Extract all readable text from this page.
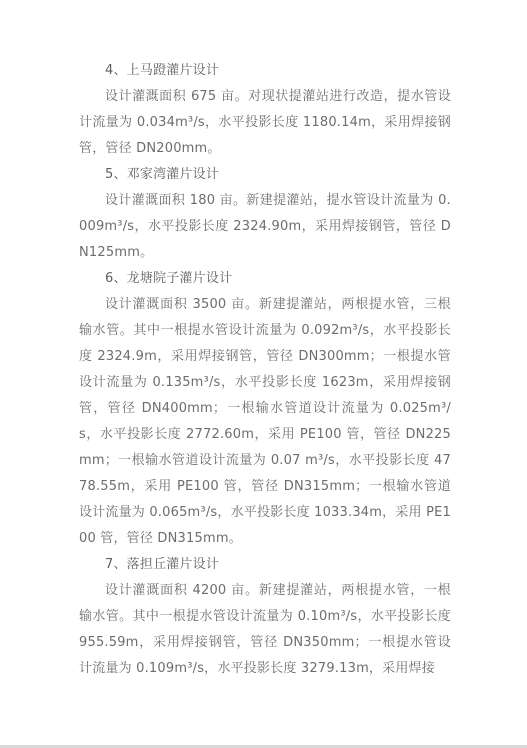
4、上马蹬灌片设计

设计灌溉面积 675 亩。对现状提灌站进行改造，提水管设计流量为 0.034m³/s，水平投影长度 1180.14m，采用焊接钢管，管径 DN200mm。

5、邓家湾灌片设计

设计灌溉面积 180 亩。新建提灌站，提水管设计流量为 0.009m³/s，水平投影长度 2324.90m，采用焊接钢管，管径 DN125mm。

6、龙塘院子灌片设计

设计灌溉面积 3500 亩。新建提灌站，两根提水管，三根输水管。其中一根提水管设计流量为 0.092m³/s，水平投影长度 2324.9m，采用焊接钢管，管径 DN300mm；一根提水管设计流量为 0.135m³/s，水平投影长度 1623m，采用焊接钢管，管径 DN400mm；一根输水管道设计流量为 0.025m³/s，水平投影长度 2772.60m，采用 PE100 管，管径 DN225mm；一根输水管道设计流量为 0.07 m³/s，水平投影长度 4778.55m，采用 PE100 管，管径 DN315mm；一根输水管道设计流量为 0.065m³/s，水平投影长度 1033.34m，采用 PE100 管，管径 DN315mm。

7、落担丘灌片设计

设计灌溉面积 4200 亩。新建提灌站，两根提水管，一根输水管。其中一根提水管设计流量为 0.10m³/s，水平投影长度 955.59m，采用焊接钢管，管径 DN350mm；一根提水管设计流量为 0.109m³/s，水平投影长度 3279.13m，采用焊接
